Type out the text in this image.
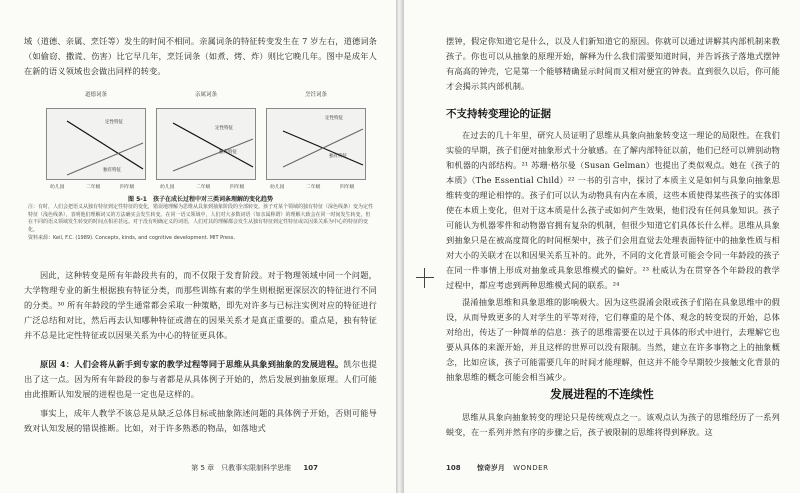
域（道德、亲属、烹饪等）发生的时间不相同。亲属词条的特征转变发生在 7 岁左右，道德词条（如偷窃、撒谎、伤害）比它早几年，烹饪词条（如煮、烤、炸）则比它晚几年。图中是成年人在新的语义领域也会做出同样的转变。

道德词条
定性特征
独有特征
幼儿园	二年级	四年级
亲属词条
定性特征
独有特征
幼儿园	二年级	四年级
烹饪词条
定性特征
独有特征
幼儿园	二年级	四年级
图 5-1　孩子在成长过程中对三类词条理解的变化趋势
注：有时，人们会把语义从独有特征到定性特征的变化，错误地理解为思维从具象到抽象阶段的全部转变。孩子对某个领域的独有特征（深色线条）变为定性特征（浅色线条），表明他们理解词义的方法确实会发生转变。在同一语义领域中，人们对大多数词语（如亲属称谓）的理解大致会在同一时间发生转变，但在不同的语义领域发生转变的时间点相差甚远。对于没有明确定义的词语，人们对其的理解都会发生从独有特征到定性特征或以因果关系为中心的特征的变化。
资料来源：Keil, F.C. (1989). Concepts, kinds, and cognitive development. MIT Press.

因此，这种转变是所有年龄段共有的，而不仅限于发育阶段。对于物理领域中同一个问题，大学物理专业的新生根据独有特征分类，而那些训练有素的学生则根据更深层次的特征进行不同的分类。³⁰ 所有年龄段的学生通常都会采取一种策略，即先对许多与已标注实例对应的特征进行广泛总结和对比，然后再去认知哪种特征或潜在的因果关系才是真正重要的。重点是，独有特征并不总是比定性特征或以因果关系为中心的特征更具体。

原因 4：人们会将从新手到专家的教学过程等同于思维从具象到抽象的发展进程。凯尔也提出了这一点。因为所有年龄段的参与者都是从具体例子开始的，然后发展到抽象原理。人们可能由此推断认知发展的进程也是一定也是这样的。

事实上，成年人教学不该总是从缺乏总体目标或抽象陈述问题的具体例子开始，否则可能导致对认知发展的错误推断。比如，对于许多熟悉的物品，如落地式

第 5 章　只教事实限制科学思维 107

摆钟，假定你知道它是什么，以及人们新知道它的原因。你就可以通过讲解其内部机制来教孩子。你也可以从抽象的原理开始，解释为什么我们需要知道时间，并告诉孩子落地式摆钟有高高的钟壳，它是第一个能够精确显示时间而又相对便宜的钟表。直到很久以后，你可能才会揭示其内部机制。

不支持转变理论的证据

在过去的几十年里，研究人员证明了思维从具象向抽象转变这一理论的局限性。在我们实验的早期，孩子们便对抽象形式十分敏感。在了解内部特征以前，他们已经可以辨别动物和机器的内部结构。²¹ 苏珊·格尔曼（Susan Gelman）也提出了类似观点。她在《孩子的本质》（The Essential Child）²² 一书的引言中，探讨了本质主义是如何与具象向抽象思维转变的理论相悖的。孩子们可以认为动物具有内在本质，这些本质使得某些孩子的实体即使在本质上变化，但对于这本质是什么孩子或如何产生效果，他们没有任何具象知识。孩子可能认为机器零件和动物器官拥有复杂的机制，但很少知道它们具体长什么样。思维从具象到抽象只是在被高度简化的时间框架中，孩子们会用直觉去处理表面特征中的抽象性质与相对大小的关联才在以和因果关系互补的。此外，不同的文化背景可能会令同一年龄段的孩子在同一件事情上形成对抽象或具象思维模式的偏好。²³ 杜威认为在贯穿各个年龄段的教学过程中，都应考虑到两种思维模式间的联系。²⁴

混淆抽象思维和具象思维的影响极大。因为这些混淆会限或孩子们陷在具象思维中的假设，从而导致更多的人对学生的平等对待，它们尊重的是个体、观念的转变误的开始，总体对给出，传达了一种简单的信息：孩子的思维需要在以过于具体的形式中进行，去理解它也要从具体的来源开始，并且这样的世界可以没有限制。当然，建立在许多事物之上的抽象概念，比如应该，孩子可能需要几年的时间才能理解，但这并不能令早期较少接触文化背景的抽象思维的概念可能会相当减少。

发展进程的不连续性

思维从具象向抽象转变的理论只是传统观点之一。该观点认为孩子的思维经历了一系列蜕变，在一系列并然有序的步骤之后，孩子被限制的思维将得到释放。这

108 惊奇岁月 WONDER
